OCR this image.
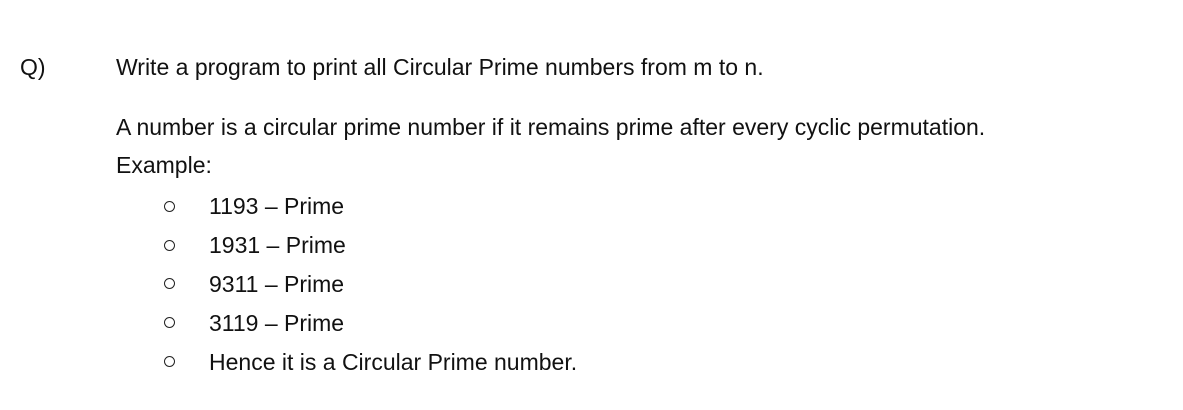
Q)	Write a program to print all Circular Prime numbers from m to n.
A number is a circular prime number if it remains prime after every cyclic permutation.
Example:
1193 – Prime
1931 – Prime
9311 – Prime
3119 – Prime
Hence it is a Circular Prime number.
